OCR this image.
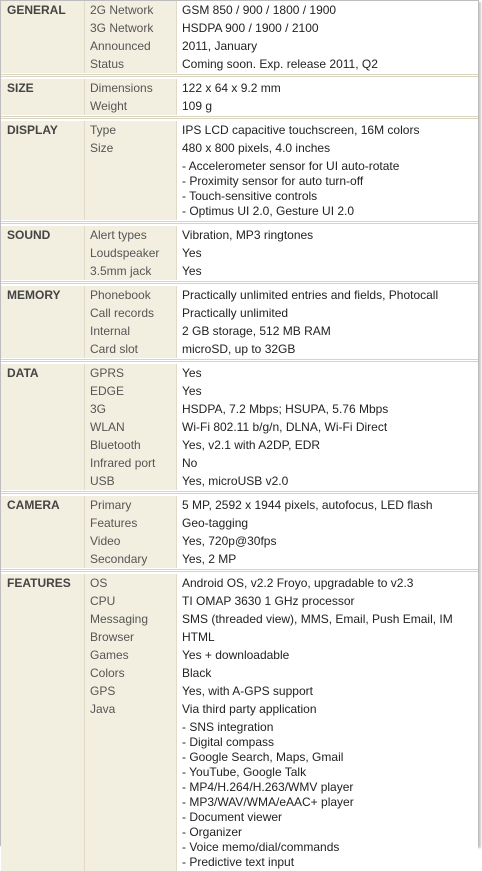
GENERAL	2G Network	GSM 850 / 900 / 1800 / 1900
3G Network	HSDPA 900 / 1900 / 2100
Announced	2011, January
Status	Coming soon. Exp. release 2011, Q2
SIZE	Dimensions	122 x 64 x 9.2 mm
Weight	109 g
DISPLAY	Type	IPS LCD capacitive touchscreen, 16M colors
Size	480 x 800 pixels, 4.0 inches
- Accelerometer sensor for UI auto-rotate
- Proximity sensor for auto turn-off
- Touch-sensitive controls
- Optimus UI 2.0, Gesture UI 2.0
SOUND	Alert types	Vibration, MP3 ringtones
Loudspeaker	Yes
3.5mm jack	Yes
MEMORY	Phonebook	Practically unlimited entries and fields, Photocall
Call records	Practically unlimited
Internal	2 GB storage, 512 MB RAM
Card slot	microSD, up to 32GB
DATA	GPRS	Yes
EDGE	Yes
3G	HSDPA, 7.2 Mbps; HSUPA, 5.76 Mbps
WLAN	Wi-Fi 802.11 b/g/n, DLNA, Wi-Fi Direct
Bluetooth	Yes, v2.1 with A2DP, EDR
Infrared port	No
USB	Yes, microUSB v2.0
CAMERA	Primary	5 MP, 2592 x 1944 pixels, autofocus, LED flash
Features	Geo-tagging
Video	Yes, 720p@30fps
Secondary	Yes, 2 MP
FEATURES	OS	Android OS, v2.2 Froyo, upgradable to v2.3
CPU	TI OMAP 3630 1 GHz processor
Messaging	SMS (threaded view), MMS, Email, Push Email, IM
Browser	HTML
Games	Yes + downloadable
Colors	Black
GPS	Yes, with A-GPS support
Java	Via third party application
- SNS integration
- Digital compass
- Google Search, Maps, Gmail
- YouTube, Google Talk
- MP4/H.264/H.263/WMV player
- MP3/WAV/WMA/eAAC+ player
- Document viewer
- Organizer
- Voice memo/dial/commands
- Predictive text input
